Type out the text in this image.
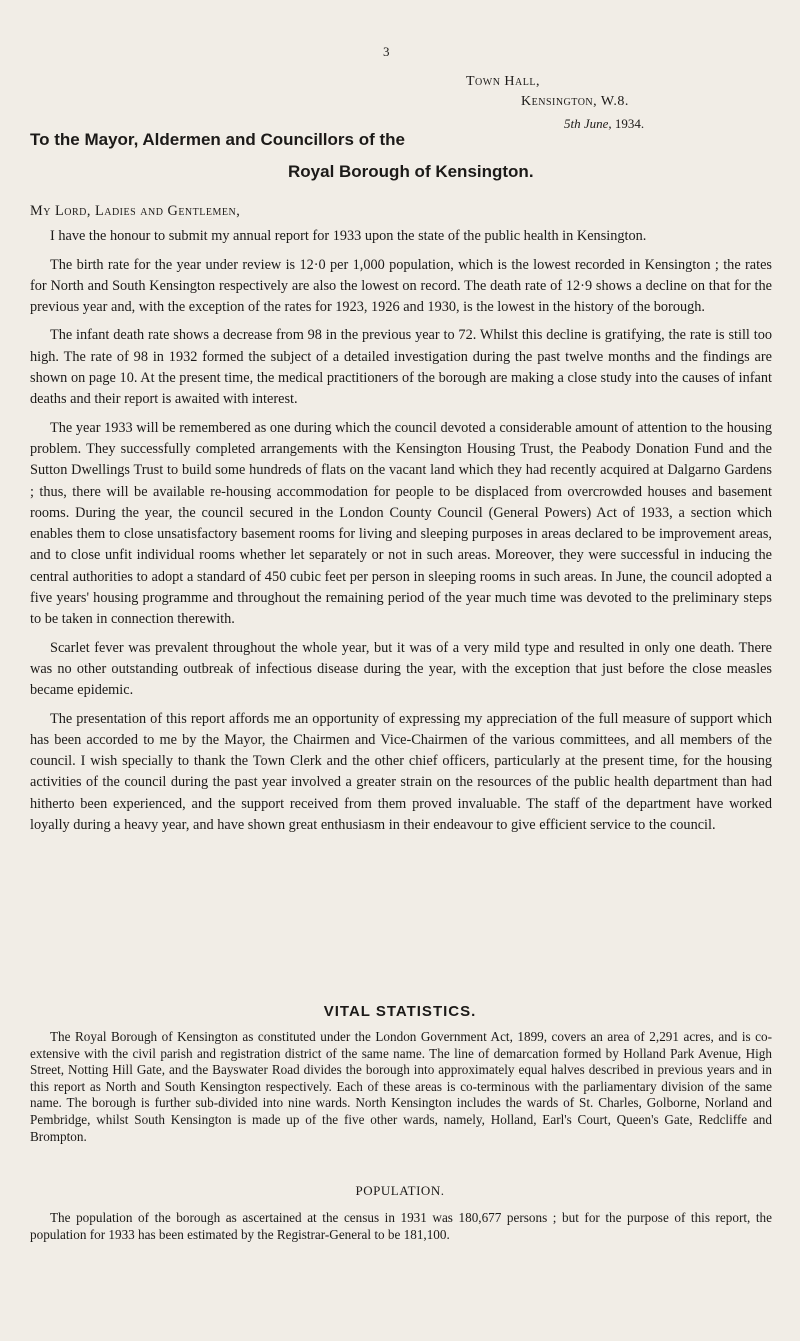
3
Town Hall,
Kensington, W.8.
5th June, 1934.
To the Mayor, Aldermen and Councillors of the
Royal Borough of Kensington.

My Lord, Ladies and Gentlemen,

I have the honour to submit my annual report for 1933 upon the state of the public health in Kensington.

The birth rate for the year under review is 12·0 per 1,000 population, which is the lowest recorded in Kensington ; the rates for North and South Kensington respectively are also the lowest on record. The death rate of 12·9 shows a decline on that for the previous year and, with the exception of the rates for 1923, 1926 and 1930, is the lowest in the history of the borough.

The infant death rate shows a decrease from 98 in the previous year to 72. Whilst this decline is gratifying, the rate is still too high. The rate of 98 in 1932 formed the subject of a detailed investigation during the past twelve months and the findings are shown on page 10. At the present time, the medical practitioners of the borough are making a close study into the causes of infant deaths and their report is awaited with interest.

The year 1933 will be remembered as one during which the council devoted a considerable amount of attention to the housing problem. They successfully completed arrangements with the Kensington Housing Trust, the Peabody Donation Fund and the Sutton Dwellings Trust to build some hundreds of flats on the vacant land which they had recently acquired at Dalgarno Gardens ; thus, there will be available re-housing accommodation for people to be displaced from overcrowded houses and basement rooms. During the year, the council secured in the London County Council (General Powers) Act of 1933, a section which enables them to close unsatisfactory basement rooms for living and sleeping purposes in areas declared to be improvement areas, and to close unfit individual rooms whether let separately or not in such areas. Moreover, they were successful in inducing the central authorities to adopt a standard of 450 cubic feet per person in sleeping rooms in such areas. In June, the council adopted a five years' housing programme and throughout the remaining period of the year much time was devoted to the preliminary steps to be taken in connection therewith.

Scarlet fever was prevalent throughout the whole year, but it was of a very mild type and resulted in only one death. There was no other outstanding outbreak of infectious disease during the year, with the exception that just before the close measles became epidemic.

The presentation of this report affords me an opportunity of expressing my appreciation of the full measure of support which has been accorded to me by the Mayor, the Chairmen and Vice-Chairmen of the various committees, and all members of the council. I wish specially to thank the Town Clerk and the other chief officers, particularly at the present time, for the housing activities of the council during the past year involved a greater strain on the resources of the public health department than had hitherto been experienced, and the support received from them proved invaluable. The staff of the department have worked loyally during a heavy year, and have shown great enthusiasm in their endeavour to give efficient service to the council.

VITAL STATISTICS.

The Royal Borough of Kensington as constituted under the London Government Act, 1899, covers an area of 2,291 acres, and is co-extensive with the civil parish and registration district of the same name. The line of demarcation formed by Holland Park Avenue, High Street, Notting Hill Gate, and the Bayswater Road divides the borough into approximately equal halves described in previous years and in this report as North and South Kensington respectively. Each of these areas is co-terminous with the parliamentary division of the same name. The borough is further sub-divided into nine wards. North Kensington includes the wards of St. Charles, Golborne, Norland and Pembridge, whilst South Kensington is made up of the five other wards, namely, Holland, Earl's Court, Queen's Gate, Redcliffe and Brompton.

POPULATION.

The population of the borough as ascertained at the census in 1931 was 180,677 persons ; but for the purpose of this report, the population for 1933 has been estimated by the Registrar-General to be 181,100.
